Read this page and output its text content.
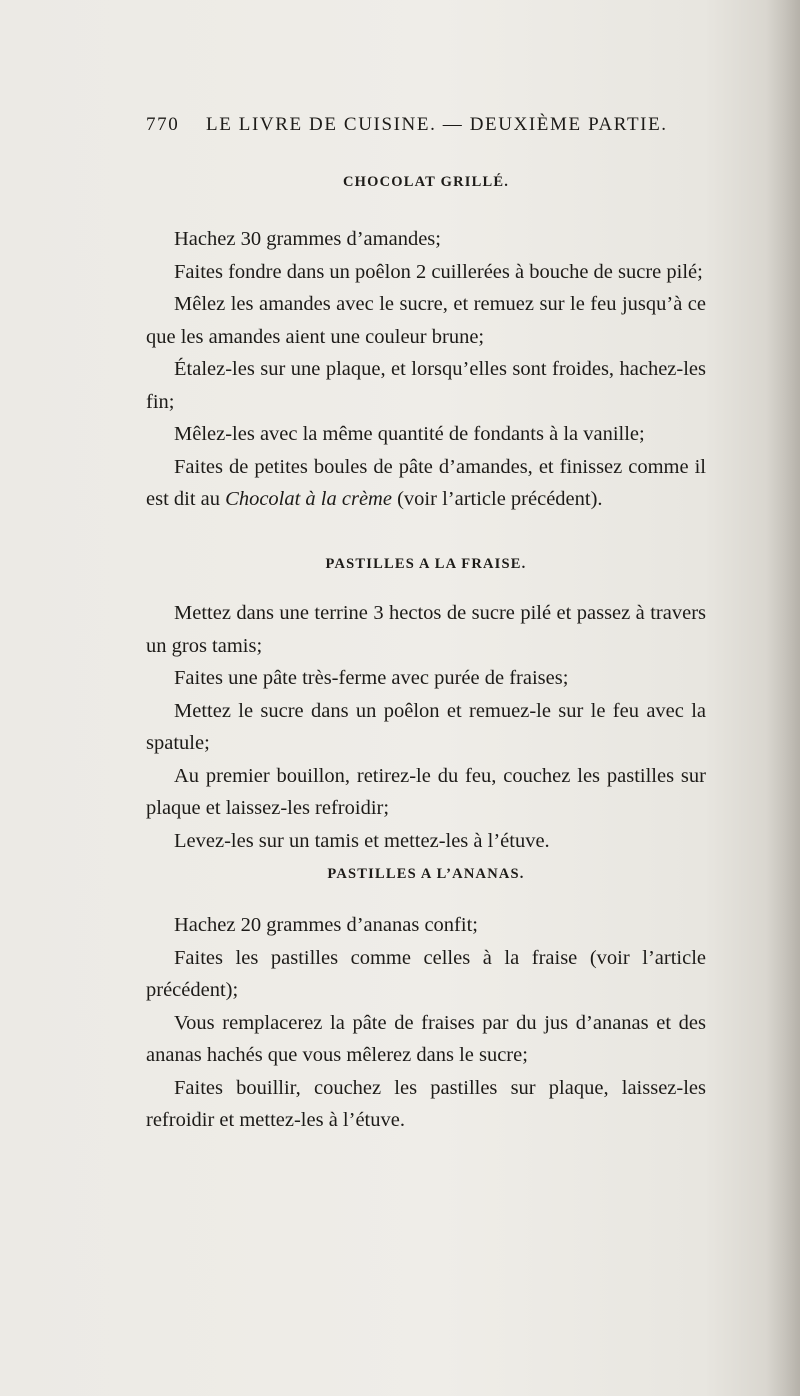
770 LE LIVRE DE CUISINE. — DEUXIÈME PARTIE.
CHOCOLAT GRILLÉ.

Hachez 30 grammes d’amandes;

Faites fondre dans un poêlon 2 cuillerées à bouche de sucre pilé;

Mêlez les amandes avec le sucre, et remuez sur le feu jusqu’à ce que les amandes aient une couleur brune;

Étalez-les sur une plaque, et lorsqu’elles sont froides, hachez-les fin;

Mêlez-les avec la même quantité de fondants à la vanille;

Faites de petites boules de pâte d’amandes, et finissez comme il est dit au Chocolat à la crème (voir l’article précédent).

PASTILLES A LA FRAISE.

Mettez dans une terrine 3 hectos de sucre pilé et passez à travers un gros tamis;

Faites une pâte très-ferme avec purée de fraises;

Mettez le sucre dans un poêlon et remuez-le sur le feu avec la spatule;

Au premier bouillon, retirez-le du feu, couchez les pastilles sur plaque et laissez-les refroidir;

Levez-les sur un tamis et mettez-les à l’étuve.

PASTILLES A L’ANANAS.

Hachez 20 grammes d’ananas confit;

Faites les pastilles comme celles à la fraise (voir l’article précédent);

Vous remplacerez la pâte de fraises par du jus d’ananas et des ananas hachés que vous mêlerez dans le sucre;

Faites bouillir, couchez les pastilles sur plaque, laissez-les refroidir et mettez-les à l’étuve.
